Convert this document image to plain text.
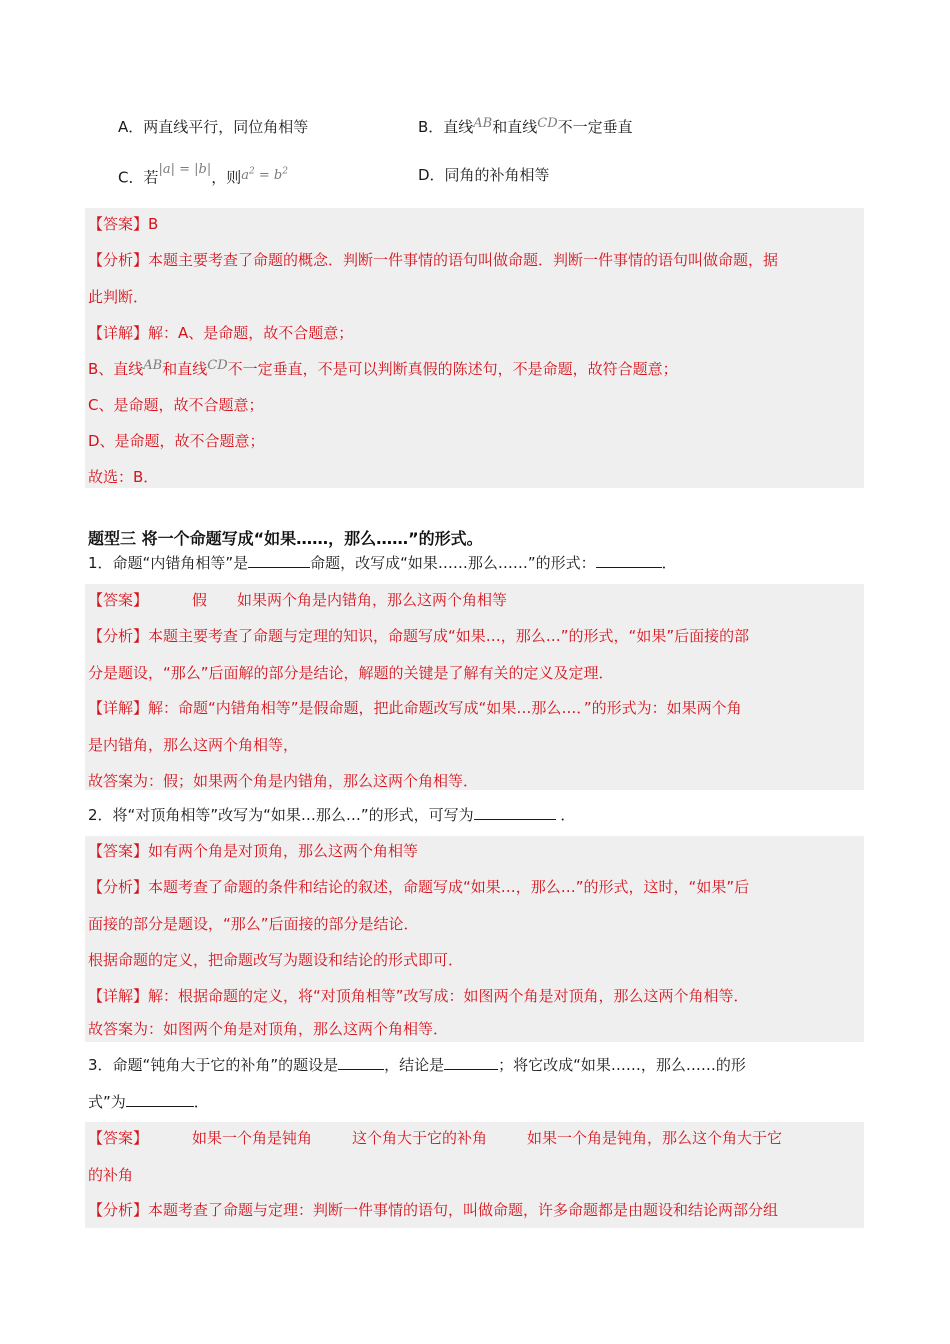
A．两直线平行，同位角相等	B．直线AB和直线CD不一定垂直
C．若|a| = |b|，则$a^2 = b^2$	D．同角的补角相等
【答案】B
【分析】本题主要考查了命题的概念．判断一件事情的语句叫做命题．判断一件事情的语句叫做命题，据
此判断．
【详解】解：A、是命题，故不合题意；
B、直线AB和直线CD不一定垂直，不是可以判断真假的陈述句，不是命题，故符合题意；
C、是命题，故不合题意；
D、是命题，故不合题意；
故选：B．
题型三 将一个命题写成“如果……，那么……”的形式。
1．命题“内错角相等”是	命题，改写成“如果……那么……”的形式：	．
【答案】	假 如果两个角是内错角，那么这两个角相等
【分析】本题主要考查了命题与定理的知识，命题写成“如果…，那么…”的形式，“如果”后面接的部
分是题设，“那么”后面解的部分是结论，解题的关键是了解有关的定义及定理．
【详解】解：命题“内错角相等”是假命题，把此命题改写成“如果…那么…．”的形式为：如果两个角
是内错角，那么这两个角相等，
故答案为：假；如果两个角是内错角，那么这两个角相等．
2．将“对顶角相等”改写为“如果…那么…”的形式，可写为	．
【答案】如有两个角是对顶角，那么这两个角相等
【分析】本题考查了命题的条件和结论的叙述，命题写成“如果…，那么…”的形式，这时，“如果”后
面接的部分是题设，“那么”后面接的部分是结论．
根据命题的定义，把命题改写为题设和结论的形式即可．
【详解】解：根据命题的定义，将“对顶角相等”改写成：如图两个角是对顶角，那么这两个角相等．
故答案为：如图两个角是对顶角，那么这两个角相等．
3．命题“钝角大于它的补角”的题设是	，结论是	；将它改成“如果……，那么……的形
式”为	．
【答案】	如果一个角是钝角	这个角大于它的补角	如果一个角是钝角，那么这个角大于它
的补角
【分析】本题考查了命题与定理：判断一件事情的语句，叫做命题，许多命题都是由题设和结论两部分组
